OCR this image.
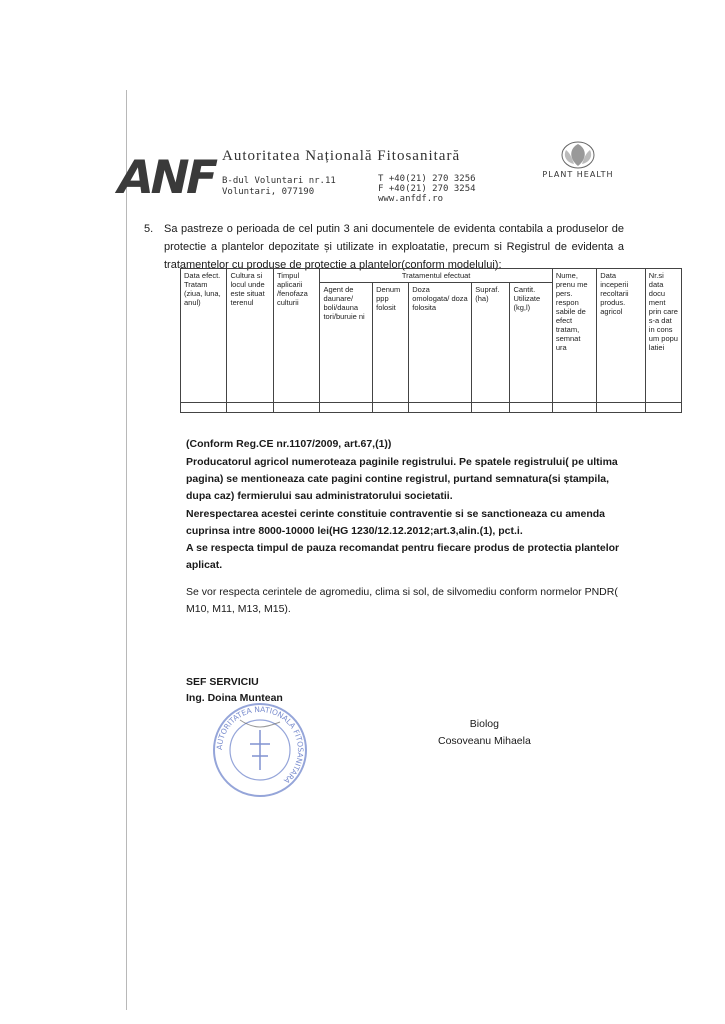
ANF Autoritatea Națională Fitosanitară
B-dul Voluntari nr.11
Voluntari, 077190
T +40(21) 270 3256
F +40(21) 270 3254
www.anfdf.ro
PLANT HEALTH
5. Sa pastreze o perioada de cel putin 3 ani documentele de evidenta contabila a produselor de protectie a plantelor depozitate și utilizate in exploatatie, precum si Registrul de evidenta a tratamentelor cu produse de protectie a plantelor(conform modelului):
Data efect. Tratam (ziua, luna, anul)	Cultura si locul unde este situat terenul	Timpul aplicarii /fenofaza culturii	Tratamentul efectuat					Nume, prenu me pers. respon sabile de efect tratam, semnat ura	Data inceperii recoltarii produs. agricol	Nr.si data docu ment prin care s-a dat in cons um popu latiei
			Agent de daunare/ boli/dauna tori/buruie ni	Denum ppp folosit	Doza omologata/ doza folosita	Supraf. (ha)	Cantit. Utilizate (kg,l)			

(Conform Reg.CE nr.1107/2009, art.67,(1))
Producatorul agricol numeroteaza paginile registrului. Pe spatele registrului( pe ultima pagina) se mentioneaza cate pagini contine registrul, purtand semnatura(si ștampila, dupa caz) fermierului sau administratorului societatii.
Nerespectarea acestei cerinte constituie contraventie si se sanctioneaza cu amenda cuprinsa intre 8000-10000 lei(HG 1230/12.12.2012;art.3,alin.(1), pct.i.
A se respecta timpul de pauza recomandat pentru fiecare produs de protectia plantelor aplicat.
Se vor respecta cerintele de agromediu, clima si sol, de silvomediu conform normelor PNDR( M10, M11, M13, M15).
SEF SERVICIU
Ing. Doina Muntean
AUTORITATEA NATIONALA FITOSANITARA
Biolog
Cosoveanu Mihaela
